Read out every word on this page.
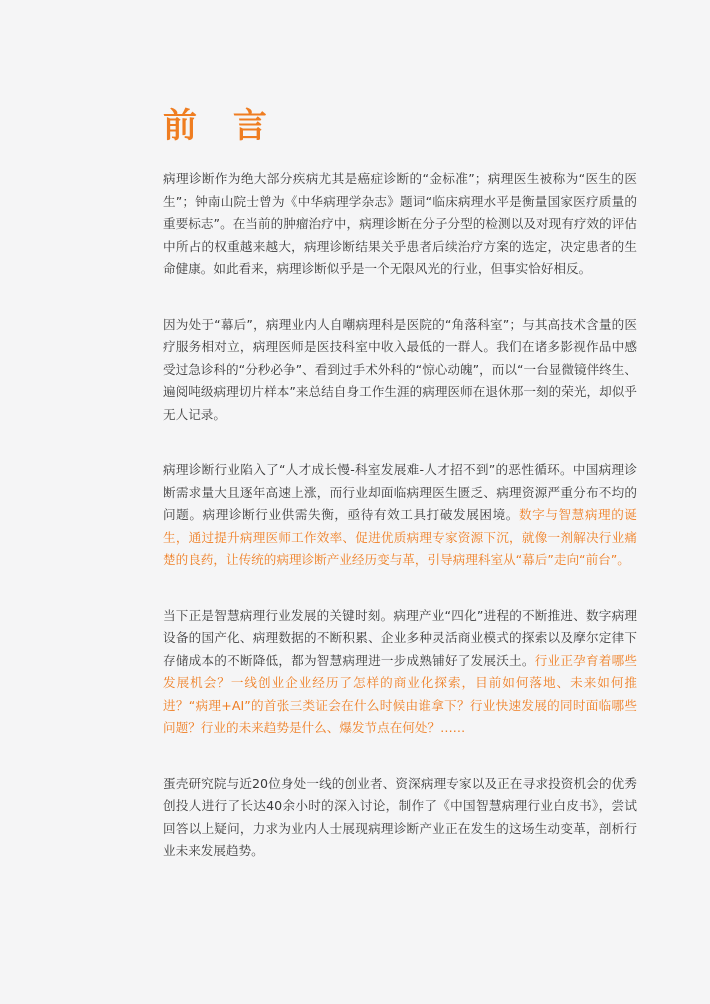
前 言

病理诊断作为绝大部分疾病尤其是癌症诊断的“金标准”；病理医生被称为“医生的医生”；钟南山院士曾为《中华病理学杂志》题词“临床病理水平是衡量国家医疗质量的重要标志”。在当前的肿瘤治疗中，病理诊断在分子分型的检测以及对现有疗效的评估中所占的权重越来越大，病理诊断结果关乎患者后续治疗方案的选定，决定患者的生命健康。如此看来，病理诊断似乎是一个无限风光的行业，但事实恰好相反。

因为处于“幕后”，病理业内人自嘲病理科是医院的“角落科室”；与其高技术含量的医疗服务相对立，病理医师是医技科室中收入最低的一群人。我们在诸多影视作品中感受过急诊科的“分秒必争”、看到过手术外科的“惊心动魄”，而以“一台显微镜伴终生、遍阅吨级病理切片样本”来总结自身工作生涯的病理医师在退休那一刻的荣光，却似乎无人记录。

病理诊断行业陷入了“人才成长慢-科室发展难-人才招不到”的恶性循环。中国病理诊断需求量大且逐年高速上涨，而行业却面临病理医生匮乏、病理资源严重分布不均的问题。病理诊断行业供需失衡，亟待有效工具打破发展困境。数字与智慧病理的诞生，通过提升病理医师工作效率、促进优质病理专家资源下沉，就像一剂解决行业痛楚的良药，让传统的病理诊断产业经历变与革，引导病理科室从“幕后”走向“前台”。

当下正是智慧病理行业发展的关键时刻。病理产业“四化”进程的不断推进、数字病理设备的国产化、病理数据的不断积累、企业多种灵活商业模式的探索以及摩尔定律下存储成本的不断降低，都为智慧病理进一步成熟铺好了发展沃土。行业正孕育着哪些发展机会？一线创业企业经历了怎样的商业化探索，目前如何落地、未来如何推进？“病理+AI”的首张三类证会在什么时候由谁拿下？行业快速发展的同时面临哪些问题？行业的未来趋势是什么、爆发节点在何处？……

蛋壳研究院与近20位身处一线的创业者、资深病理专家以及正在寻求投资机会的优秀创投人进行了长达40余小时的深入讨论，制作了《中国智慧病理行业白皮书》，尝试回答以上疑问，力求为业内人士展现病理诊断产业正在发生的这场生动变革，剖析行业未来发展趋势。
